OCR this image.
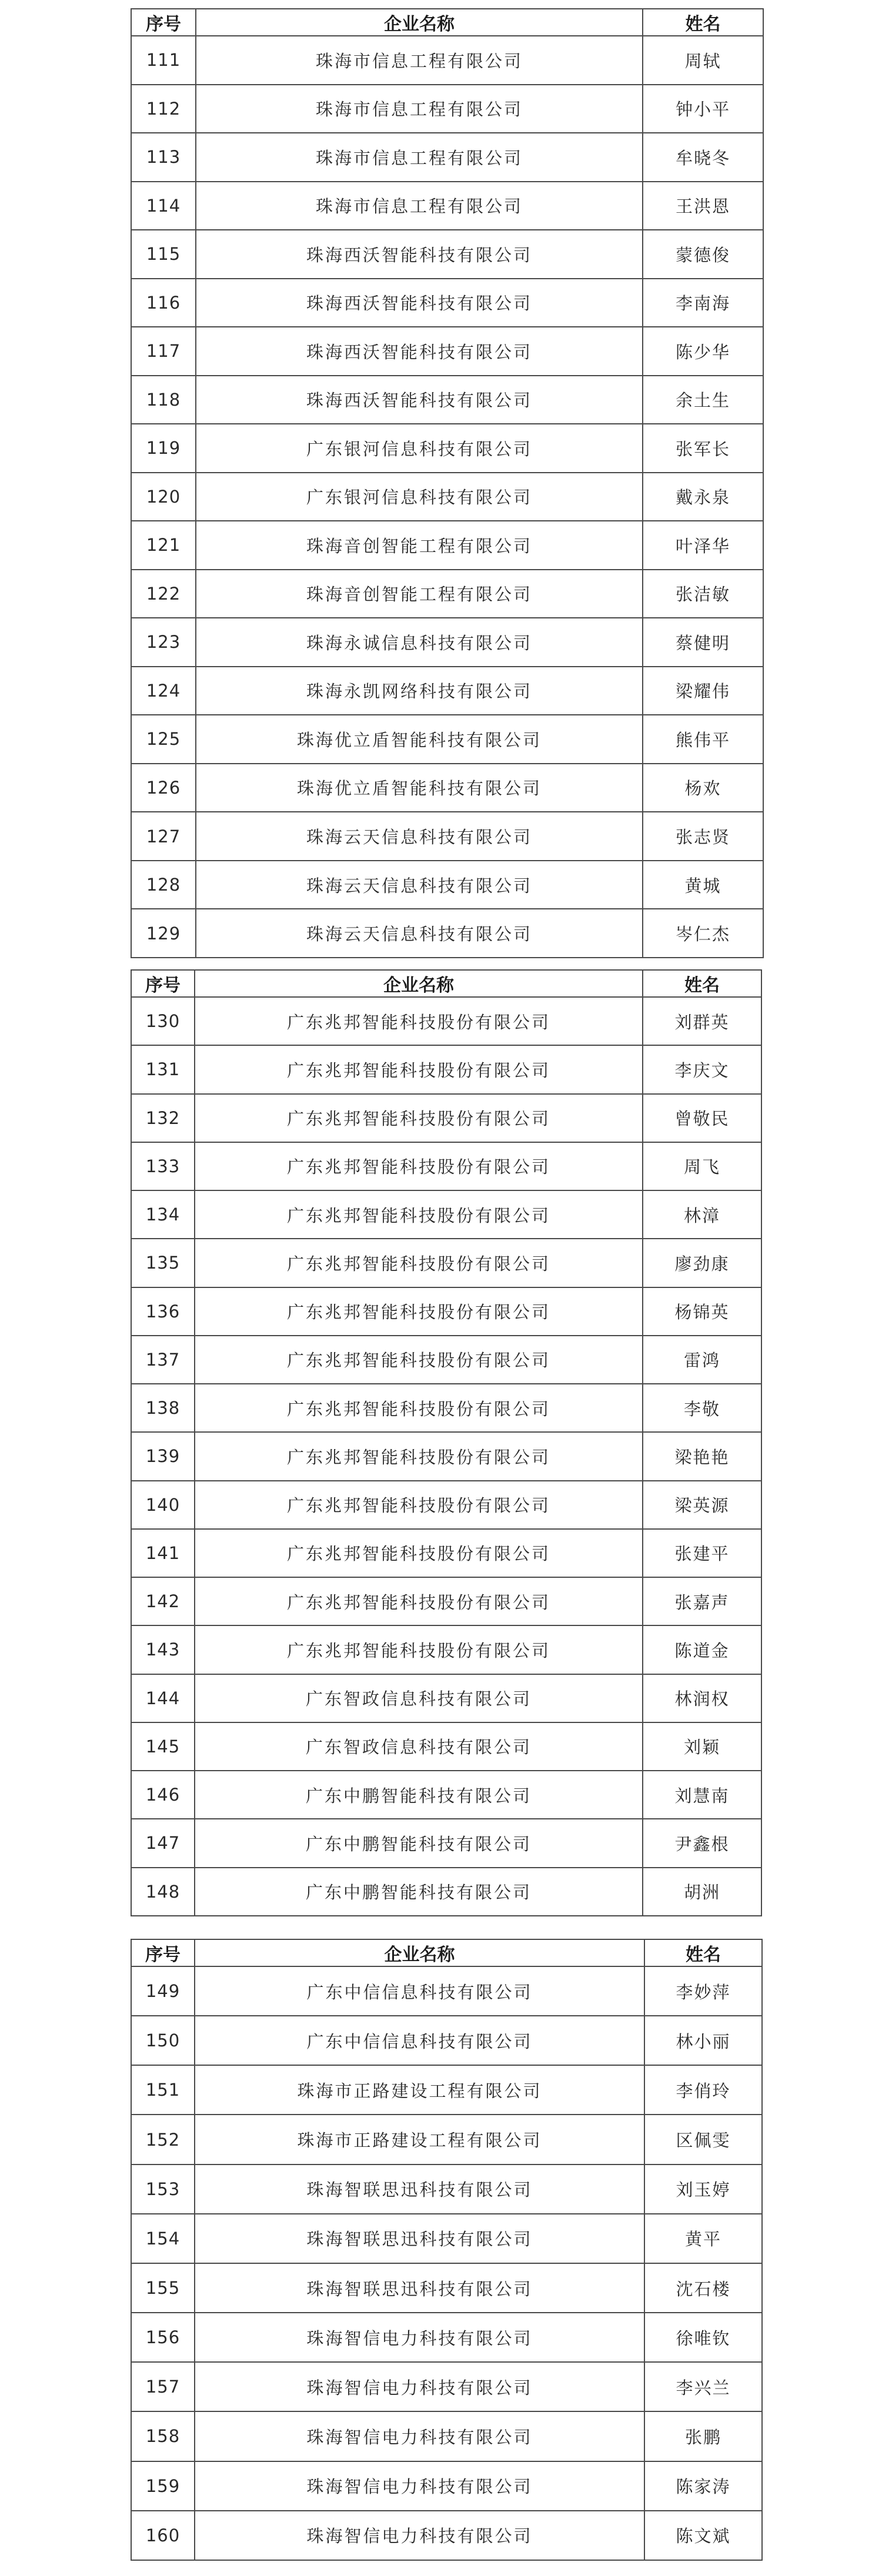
序号	企业名称	姓名
111	珠海市信息工程有限公司	周轼
112	珠海市信息工程有限公司	钟小平
113	珠海市信息工程有限公司	牟晓冬
114	珠海市信息工程有限公司	王洪恩
115	珠海西沃智能科技有限公司	蒙德俊
116	珠海西沃智能科技有限公司	李南海
117	珠海西沃智能科技有限公司	陈少华
118	珠海西沃智能科技有限公司	余土生
119	广东银河信息科技有限公司	张军长
120	广东银河信息科技有限公司	戴永泉
121	珠海音创智能工程有限公司	叶泽华
122	珠海音创智能工程有限公司	张洁敏
123	珠海永诚信息科技有限公司	蔡健明
124	珠海永凯网络科技有限公司	梁耀伟
125	珠海优立盾智能科技有限公司	熊伟平
126	珠海优立盾智能科技有限公司	杨欢
127	珠海云天信息科技有限公司	张志贤
128	珠海云天信息科技有限公司	黄城
129	珠海云天信息科技有限公司	岑仁杰
序号	企业名称	姓名
130	广东兆邦智能科技股份有限公司	刘群英
131	广东兆邦智能科技股份有限公司	李庆文
132	广东兆邦智能科技股份有限公司	曾敬民
133	广东兆邦智能科技股份有限公司	周飞
134	广东兆邦智能科技股份有限公司	林漳
135	广东兆邦智能科技股份有限公司	廖劲康
136	广东兆邦智能科技股份有限公司	杨锦英
137	广东兆邦智能科技股份有限公司	雷鸿
138	广东兆邦智能科技股份有限公司	李敬
139	广东兆邦智能科技股份有限公司	梁艳艳
140	广东兆邦智能科技股份有限公司	梁英源
141	广东兆邦智能科技股份有限公司	张建平
142	广东兆邦智能科技股份有限公司	张嘉声
143	广东兆邦智能科技股份有限公司	陈道金
144	广东智政信息科技有限公司	林润权
145	广东智政信息科技有限公司	刘颖
146	广东中鹏智能科技有限公司	刘慧南
147	广东中鹏智能科技有限公司	尹鑫根
148	广东中鹏智能科技有限公司	胡洲
序号	企业名称	姓名
149	广东中信信息科技有限公司	李妙萍
150	广东中信信息科技有限公司	林小丽
151	珠海市正路建设工程有限公司	李俏玲
152	珠海市正路建设工程有限公司	区佩雯
153	珠海智联思迅科技有限公司	刘玉婷
154	珠海智联思迅科技有限公司	黄平
155	珠海智联思迅科技有限公司	沈石楼
156	珠海智信电力科技有限公司	徐唯钦
157	珠海智信电力科技有限公司	李兴兰
158	珠海智信电力科技有限公司	张鹏
159	珠海智信电力科技有限公司	陈家涛
160	珠海智信电力科技有限公司	陈文斌
